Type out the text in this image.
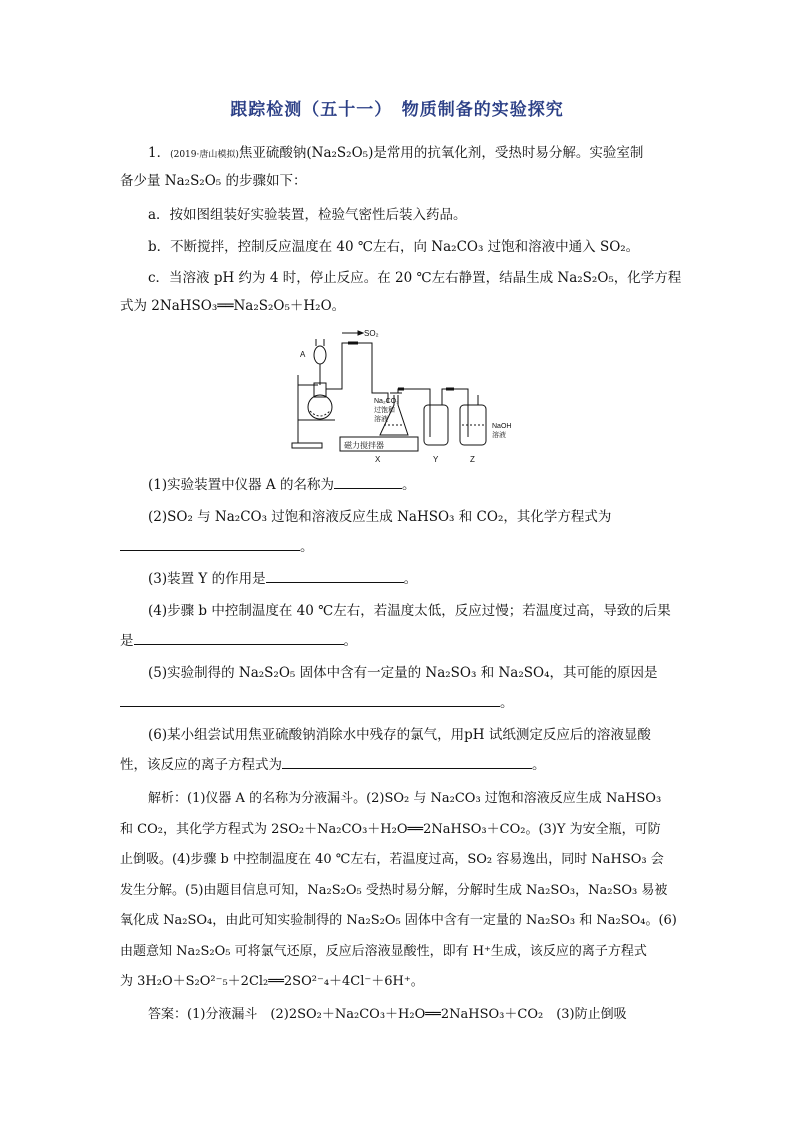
跟踪检测（五十一）　物质制备的实验探究
1．(2019·唐山模拟)焦亚硫酸钠(Na₂S₂O₅)是常用的抗氧化剂，受热时易分解。实验室制
备少量 Na₂S₂O₅ 的步骤如下：
a．按如图组装好实验装置，检验气密性后装入药品。
b．不断搅拌，控制反应温度在 40 ℃左右，向 Na₂CO₃ 过饱和溶液中通入 SO₂。
c．当溶液 pH 约为 4 时，停止反应。在 20 ℃左右静置，结晶生成 Na₂S₂O₅，化学方程
式为 2NaHSO₃══Na₂S₂O₅＋H₂O。
SO₂
A
Na₂CO₃
过饱和
溶液
NaOH
溶液
磁力搅拌器
X	Y	Z
(1)实验装置中仪器 A 的名称为	。
(2)SO₂ 与 Na₂CO₃ 过饱和溶液反应生成 NaHSO₃ 和 CO₂，其化学方程式为
。
(3)装置 Y 的作用是	。
(4)步骤 b 中控制温度在 40 ℃左右，若温度太低，反应过慢；若温度过高，导致的后果
是	。
(5)实验制得的 Na₂S₂O₅ 固体中含有一定量的 Na₂SO₃ 和 Na₂SO₄，其可能的原因是
。
(6)某小组尝试用焦亚硫酸钠消除水中残存的氯气，用pH 试纸测定反应后的溶液显酸
性，该反应的离子方程式为	。
解析：(1)仪器 A 的名称为分液漏斗。(2)SO₂ 与 Na₂CO₃ 过饱和溶液反应生成 NaHSO₃
和 CO₂，其化学方程式为 2SO₂＋Na₂CO₃＋H₂O══2NaHSO₃＋CO₂。(3)Y 为安全瓶，可防
止倒吸。(4)步骤 b 中控制温度在 40 ℃左右，若温度过高，SO₂ 容易逸出，同时 NaHSO₃ 会
发生分解。(5)由题目信息可知，Na₂S₂O₅ 受热时易分解，分解时生成 Na₂SO₃，Na₂SO₃ 易被
氧化成 Na₂SO₄，由此可知实验制得的 Na₂S₂O₅ 固体中含有一定量的 Na₂SO₃ 和 Na₂SO₄。(6)
由题意知 Na₂S₂O₅ 可将氯气还原，反应后溶液显酸性，即有 H⁺生成，该反应的离子方程式
为 3H₂O＋S₂O²⁻₅＋2Cl₂══2SO²⁻₄＋4Cl⁻＋6H⁺。
答案：(1)分液漏斗　(2)2SO₂＋Na₂CO₃＋H₂O══2NaHSO₃＋CO₂　(3)防止倒吸
